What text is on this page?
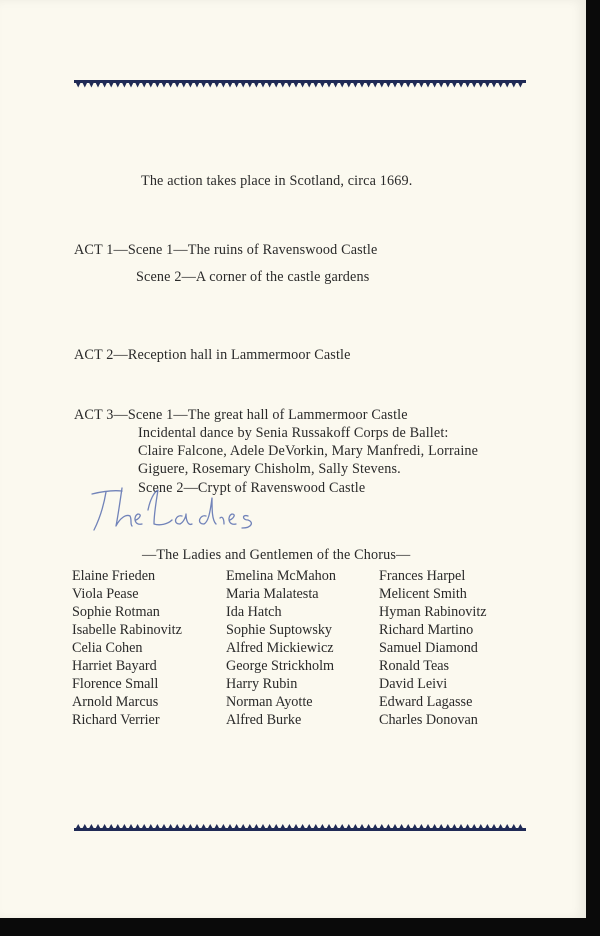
The action takes place in Scotland, circa 1669.
ACT 1—Scene 1—The ruins of Ravenswood Castle
Scene 2—A corner of the castle gardens
ACT 2—Reception hall in Lammermoor Castle
ACT 3—Scene 1—The great hall of Lammermoor Castle
Incidental dance by Senia Russakoff Corps de Ballet:
Claire Falcone, Adele DeVorkin, Mary Manfredi, Lorraine
Giguere, Rosemary Chisholm, Sally Stevens.
Scene 2—Crypt of Ravenswood Castle
—The Ladies and Gentlemen of the Chorus—
Elaine Frieden
Viola Pease
Sophie Rotman
Isabelle Rabinovitz
Celia Cohen
Harriet Bayard
Florence Small
Arnold Marcus
Richard Verrier
Emelina McMahon
Maria Malatesta
Ida Hatch
Sophie Suptowsky
Alfred Mickiewicz
George Strickholm
Harry Rubin
Norman Ayotte
Alfred Burke
Frances Harpel
Melicent Smith
Hyman Rabinovitz
Richard Martino
Samuel Diamond
Ronald Teas
David Leivi
Edward Lagasse
Charles Donovan
